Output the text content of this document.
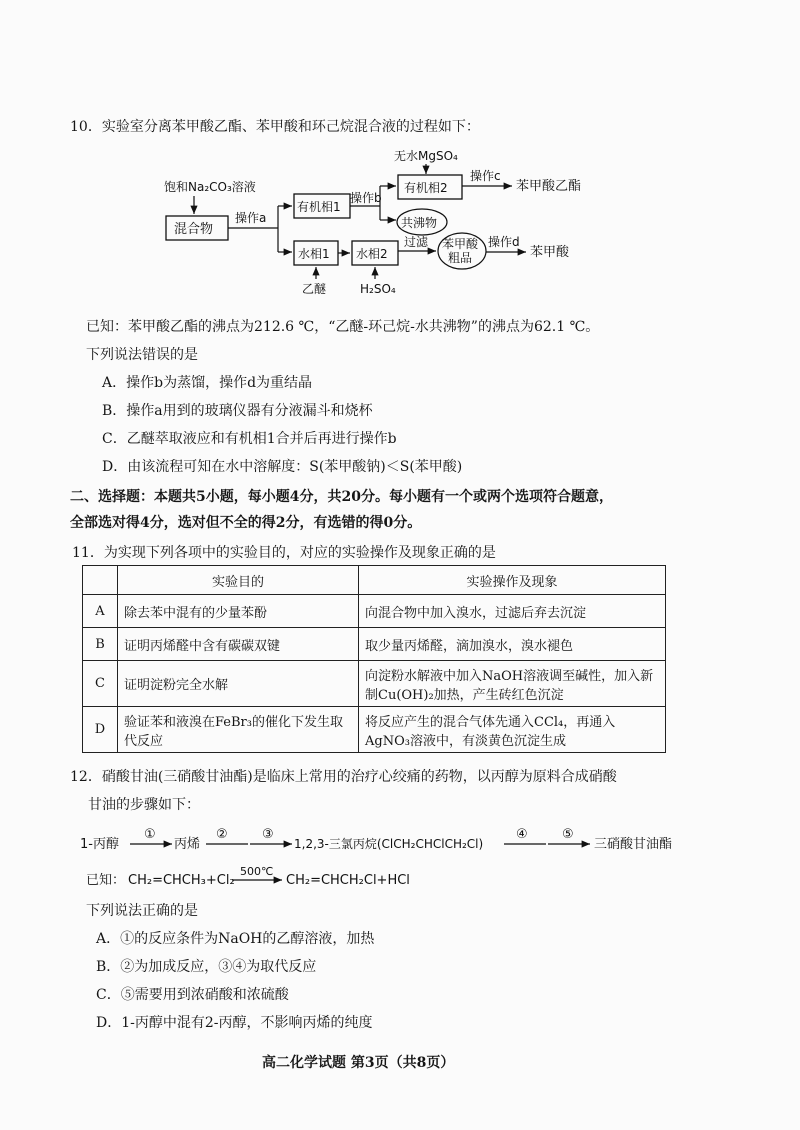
10．实验室分离苯甲酸乙酯、苯甲酸和环己烷混合液的过程如下：
饱和Na₂CO₃溶液
混合物
操作a
有机相1
操作b
无水MgSO₄
有机相2
操作c
苯甲酸乙酯
共沸物
水相1 水相2
乙醚	H₂SO₄
过滤 苯甲酸
粗品
操作d
苯甲酸
已知：苯甲酸乙酯的沸点为212.6 ℃，“乙醚-环己烷-水共沸物”的沸点为62.1 ℃。
下列说法错误的是
A．操作b为蒸馏，操作d为重结晶
B．操作a用到的玻璃仪器有分液漏斗和烧杯
C．乙醚萃取液应和有机相1合并后再进行操作b
D．由该流程可知在水中溶解度：S(苯甲酸钠)＜S(苯甲酸)
二、选择题：本题共5小题，每小题4分，共20分。每小题有一个或两个选项符合题意，
全部选对得4分，选对但不全的得2分，有选错的得0分。
11．为实现下列各项中的实验目的，对应的实验操作及现象正确的是
	实验目的	实验操作及现象
A	除去苯中混有的少量苯酚	向混合物中加入溴水，过滤后弃去沉淀
B	证明丙烯醛中含有碳碳双键	取少量丙烯醛，滴加溴水，溴水褪色
C	证明淀粉完全水解	向淀粉水解液中加入NaOH溶液调至碱性，加入新制Cu(OH)₂加热，产生砖红色沉淀
D	验证苯和液溴在FeBr₃的催化下发生取代反应	将反应产生的混合气体先通入CCl₄，再通入AgNO₃溶液中，有淡黄色沉淀生成
12．硝酸甘油(三硝酸甘油酯)是临床上常用的治疗心绞痛的药物，以丙醇为原料合成硝酸
甘油的步骤如下：
1-丙醇
①
丙烯
②	③
1,2,3-三氯丙烷(ClCH₂CHClCH₂Cl)
④	⑤
三硝酸甘油酯
已知： CH₂=CHCH₃+Cl₂
500℃
CH₂=CHCH₂Cl+HCl
下列说法正确的是
A．①的反应条件为NaOH的乙醇溶液，加热
B．②为加成反应，③④为取代反应
C．⑤需要用到浓硝酸和浓硫酸
D．1-丙醇中混有2-丙醇，不影响丙烯的纯度
高二化学试题 第3页（共8页）
